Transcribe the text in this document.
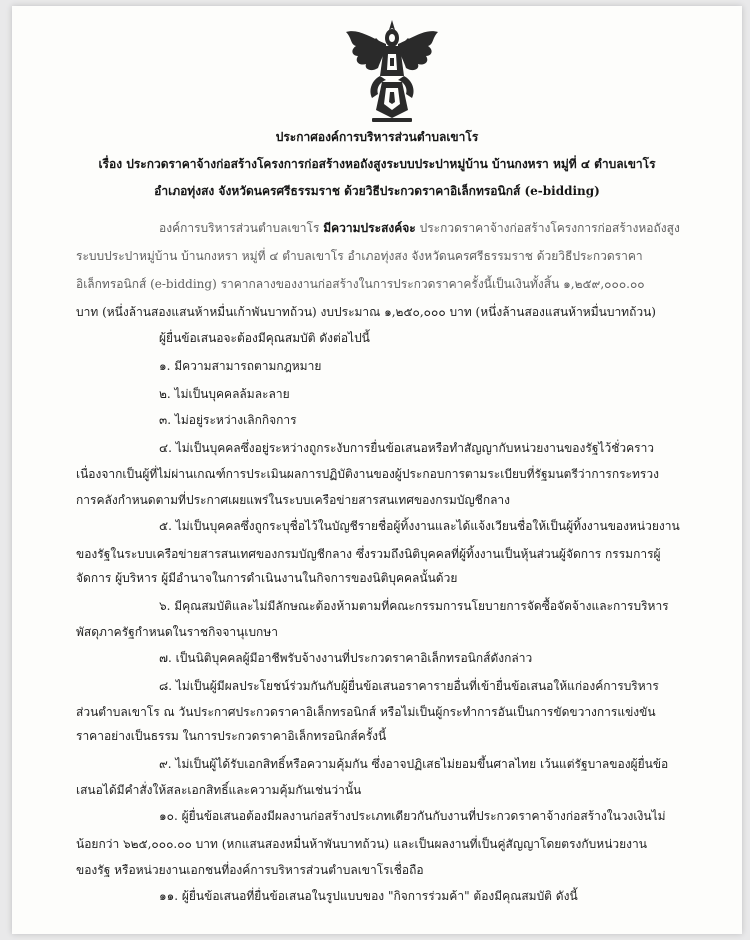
ประกาศองค์การบริหารส่วนตำบลเขาโร

เรื่อง ประกวดราคาจ้างก่อสร้างโครงการก่อสร้างหอถังสูงระบบประปาหมู่บ้าน บ้านกงหรา หมู่ที่ ๔ ตำบลเขาโร

อำเภอทุ่งสง จังหวัดนครศรีธรรมราช ด้วยวิธีประกวดราคาอิเล็กทรอนิกส์ (e-bidding)

องค์การบริหารส่วนตำบลเขาโร มีความประสงค์จะ ประกวดราคาจ้างก่อสร้างโครงการก่อสร้างหอถังสูง

ระบบประปาหมู่บ้าน บ้านกงหรา หมู่ที่ ๔ ตำบลเขาโร อำเภอทุ่งสง จังหวัดนครศรีธรรมราช ด้วยวิธีประกวดราคา

อิเล็กทรอนิกส์ (e-bidding) ราคากลางของงานก่อสร้างในการประกวดราคาครั้งนี้เป็นเงินทั้งสิ้น ๑,๒๕๙,๐๐๐.๐๐

บาท (หนึ่งล้านสองแสนห้าหมื่นเก้าพันบาทถ้วน) งบประมาณ ๑,๒๕๐,๐๐๐ บาท (หนึ่งล้านสองแสนห้าหมื่นบาทถ้วน)

ผู้ยื่นข้อเสนอจะต้องมีคุณสมบัติ ดังต่อไปนี้

๑. มีความสามารถตามกฎหมาย

๒. ไม่เป็นบุคคลล้มละลาย

๓. ไม่อยู่ระหว่างเลิกกิจการ

๔. ไม่เป็นบุคคลซึ่งอยู่ระหว่างถูกระงับการยื่นข้อเสนอหรือทำสัญญากับหน่วยงานของรัฐไว้ชั่วคราว

เนื่องจากเป็นผู้ที่ไม่ผ่านเกณฑ์การประเมินผลการปฏิบัติงานของผู้ประกอบการตามระเบียบที่รัฐมนตรีว่าการกระทรวง

การคลังกำหนดตามที่ประกาศเผยแพร่ในระบบเครือข่ายสารสนเทศของกรมบัญชีกลาง

๕. ไม่เป็นบุคคลซึ่งถูกระบุชื่อไว้ในบัญชีรายชื่อผู้ทิ้งงานและได้แจ้งเวียนชื่อให้เป็นผู้ทิ้งงานของหน่วยงาน

ของรัฐในระบบเครือข่ายสารสนเทศของกรมบัญชีกลาง ซึ่งรวมถึงนิติบุคคลที่ผู้ทิ้งงานเป็นหุ้นส่วนผู้จัดการ กรรมการผู้

จัดการ ผู้บริหาร ผู้มีอำนาจในการดำเนินงานในกิจการของนิติบุคคลนั้นด้วย

๖. มีคุณสมบัติและไม่มีลักษณะต้องห้ามตามที่คณะกรรมการนโยบายการจัดซื้อจัดจ้างและการบริหาร

พัสดุภาครัฐกำหนดในราชกิจจานุเบกษา

๗. เป็นนิติบุคคลผู้มีอาชีพรับจ้างงานที่ประกวดราคาอิเล็กทรอนิกส์ดังกล่าว

๘. ไม่เป็นผู้มีผลประโยชน์ร่วมกันกับผู้ยื่นข้อเสนอราคารายอื่นที่เข้ายื่นข้อเสนอให้แก่องค์การบริหาร

ส่วนตำบลเขาโร ณ วันประกาศประกวดราคาอิเล็กทรอนิกส์ หรือไม่เป็นผู้กระทำการอันเป็นการขัดขวางการแข่งขัน

ราคาอย่างเป็นธรรม ในการประกวดราคาอิเล็กทรอนิกส์ครั้งนี้

๙. ไม่เป็นผู้ได้รับเอกสิทธิ์หรือความคุ้มกัน ซึ่งอาจปฏิเสธไม่ยอมขึ้นศาลไทย เว้นแต่รัฐบาลของผู้ยื่นข้อ

เสนอได้มีคำสั่งให้สละเอกสิทธิ์และความคุ้มกันเช่นว่านั้น

๑๐. ผู้ยื่นข้อเสนอต้องมีผลงานก่อสร้างประเภทเดียวกันกับงานที่ประกวดราคาจ้างก่อสร้างในวงเงินไม่

น้อยกว่า ๖๒๕,๐๐๐.๐๐ บาท (หกแสนสองหมื่นห้าพันบาทถ้วน) และเป็นผลงานที่เป็นคู่สัญญาโดยตรงกับหน่วยงาน

ของรัฐ หรือหน่วยงานเอกชนที่องค์การบริหารส่วนตำบลเขาโรเชื่อถือ

๑๑. ผู้ยื่นข้อเสนอที่ยื่นข้อเสนอในรูปแบบของ "กิจการร่วมค้า" ต้องมีคุณสมบัติ ดังนี้
